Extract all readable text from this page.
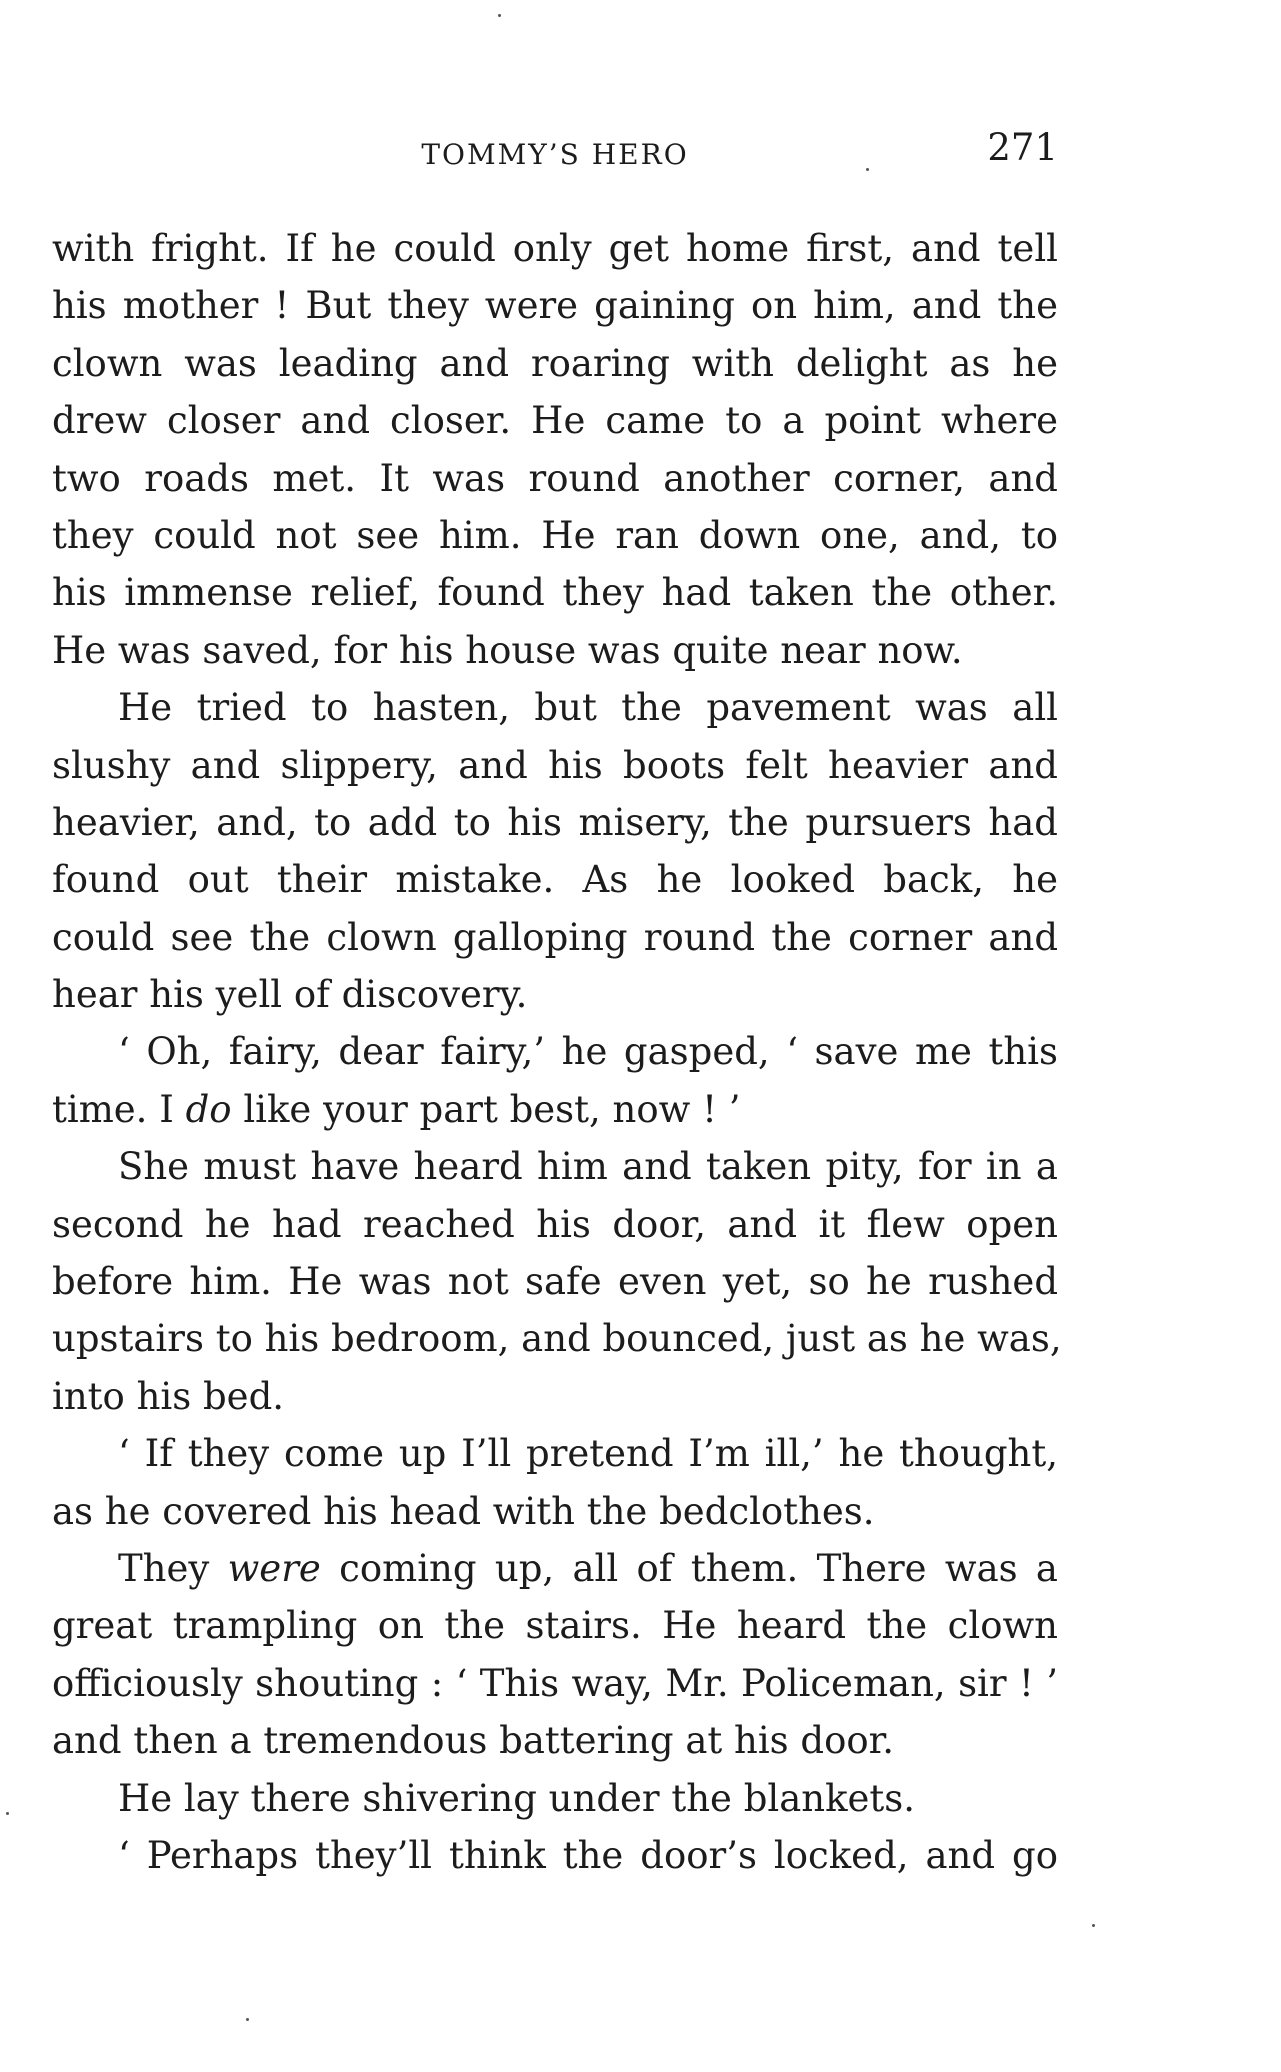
TOMMY’S HERO	271
with fright. If he could only get home first, and tell
his mother ! But they were gaining on him, and the
clown was leading and roaring with delight as he
drew closer and closer. He came to a point where
two roads met. It was round another corner, and
they could not see him. He ran down one, and, to
his immense relief, found they had taken the other.
He was saved, for his house was quite near now.
He tried to hasten, but the pavement was all
slushy and slippery, and his boots felt heavier and
heavier, and, to add to his misery, the pursuers had
found out their mistake. As he looked back, he
could see the clown galloping round the corner and
hear his yell of discovery.
‘ Oh, fairy, dear fairy,’ he gasped, ‘ save me this
time. I do like your part best, now ! ’
She must have heard him and taken pity, for in a
second he had reached his door, and it flew open
before him. He was not safe even yet, so he rushed
upstairs to his bedroom, and bounced, just as he was,
into his bed.
‘ If they come up I’ll pretend I’m ill,’ he thought,
as he covered his head with the bedclothes.
They were coming up, all of them. There was a
great trampling on the stairs. He heard the clown
officiously shouting : ‘ This way, Mr. Policeman, sir ! ’
and then a tremendous battering at his door.
He lay there shivering under the blankets.
‘ Perhaps they’ll think the door’s locked, and go
